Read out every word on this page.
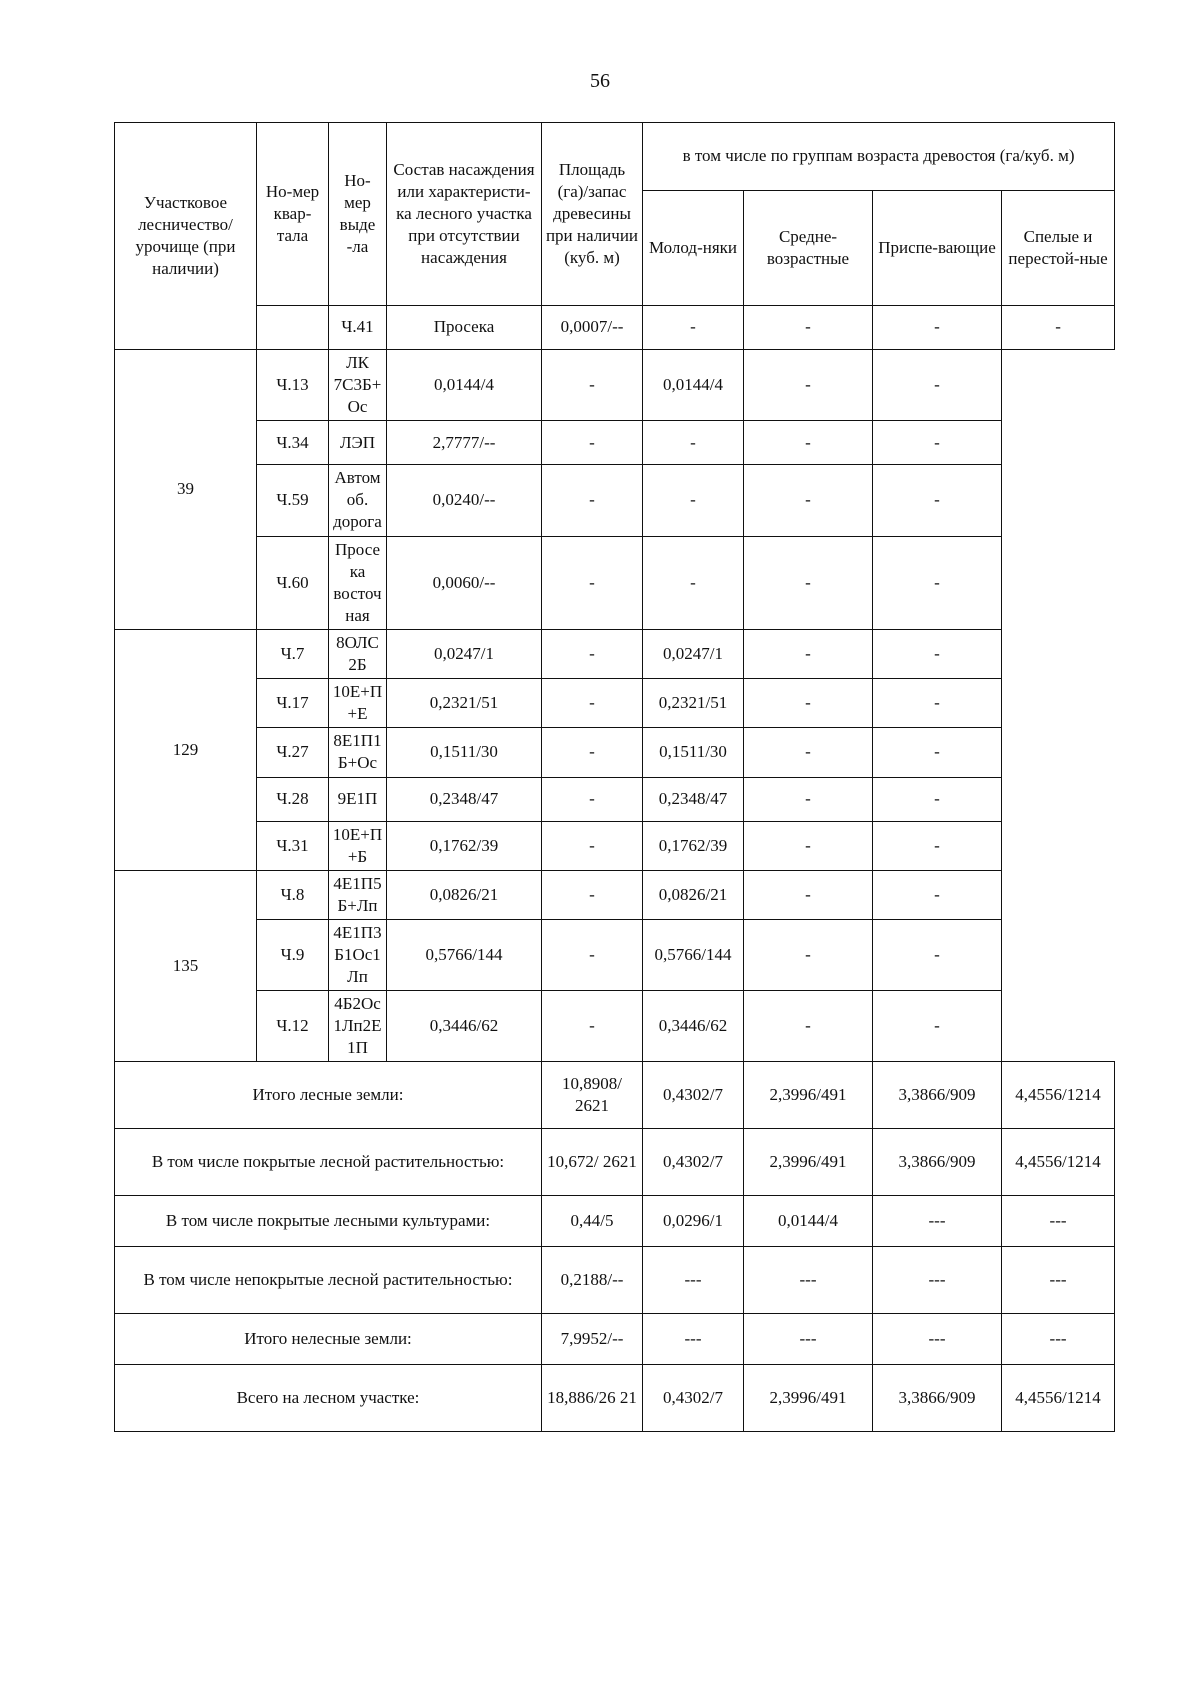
56
Участковое лесничество/ урочище (при наличии)	Но-мер квар-тала	Но-мер выде -ла	Состав насаждения или характеристи-ка лесного участка при отсутствии насаждения	Площадь (га)/запас древесины при наличии (куб. м)	в том числе по группам возраста древостоя (га/куб. м)			
					Молод-няки	Средне-возрастные	Приспе-вающие	Спелые и перестой-ные
		Ч.41	Просека	0,0007/--	-	-	-	-
39	Ч.13	ЛК 7С3Б+Ос	0,0144/4	-	0,0144/4	-	-	
	Ч.34	ЛЭП	2,7777/--	-	-	-	-	
	Ч.59	Автомоб. дорога	0,0240/--	-	-	-	-	
	Ч.60	Просека восточная	0,0060/--	-	-	-	-	
129	Ч.7	8ОЛС2Б	0,0247/1	-	0,0247/1	-	-	
	Ч.17	10Е+П+Е	0,2321/51	-	0,2321/51	-	-	
	Ч.27	8Е1П1Б+Ос	0,1511/30	-	0,1511/30	-	-	
	Ч.28	9Е1П	0,2348/47	-	0,2348/47	-	-	
	Ч.31	10Е+П+Б	0,1762/39	-	0,1762/39	-	-	
135	Ч.8	4Е1П5Б+Лп	0,0826/21	-	0,0826/21	-	-	
	Ч.9	4Е1П3Б1Ос1Лп	0,5766/144	-	0,5766/144	-	-	
	Ч.12	4Б2Ос1Лп2Е1П	0,3446/62	-	0,3446/62	-	-	
Итого лесные земли:				10,8908/ 2621	0,4302/7	2,3996/491	3,3866/909	4,4556/1214
В том числе покрытые лесной растительностью:				10,672/ 2621	0,4302/7	2,3996/491	3,3866/909	4,4556/1214
В том числе покрытые лесными культурами:				0,44/5	0,0296/1	0,0144/4	---	---
В том числе непокрытые лесной растительностью:				0,2188/--	---	---	---	---
Итого нелесные земли:				7,9952/--	---	---	---	---
Всего на лесном участке:				18,886/26 21	0,4302/7	2,3996/491	3,3866/909	4,4556/1214
